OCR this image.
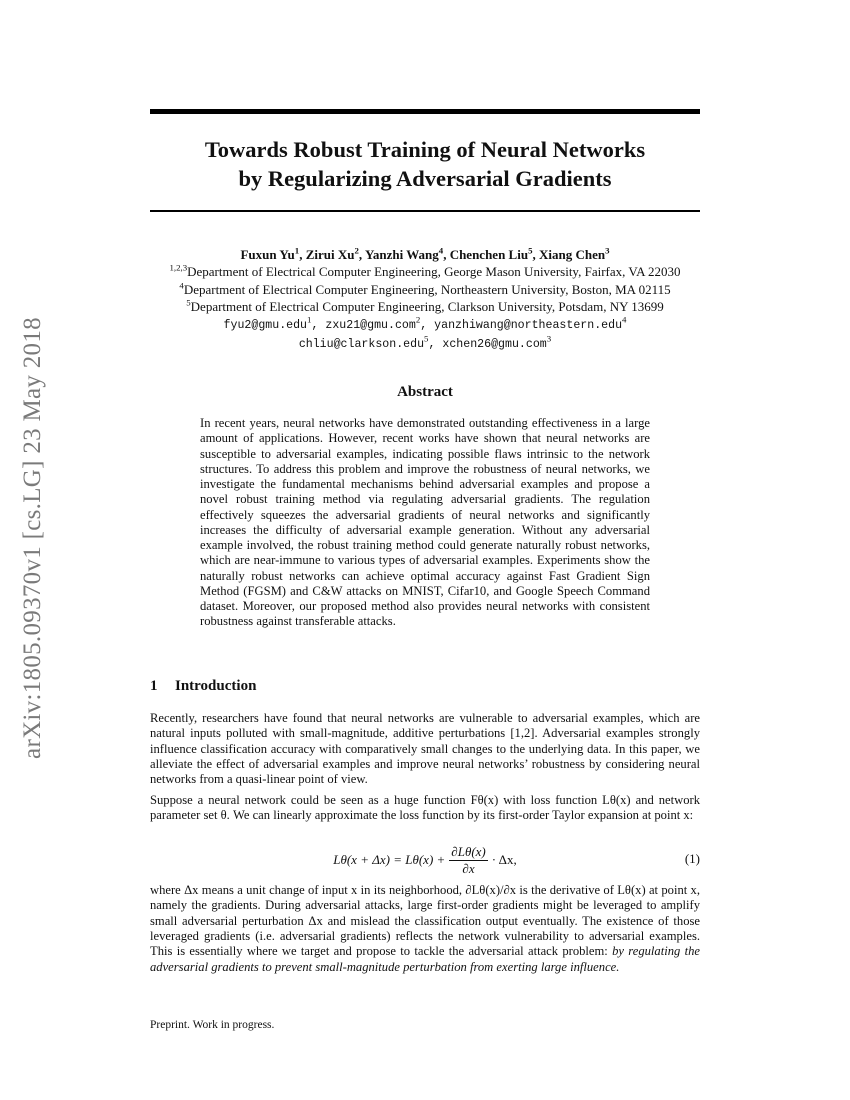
arXiv:1805.09370v1 [cs.LG] 23 May 2018
Towards Robust Training of Neural Networks
by Regularizing Adversarial Gradients
Fuxun Yu$^1$, Zirui Xu$^2$, Yanzhi Wang$^4$, Chenchen Liu$^5$, Xiang Chen$^3$
$^{1,2,3}$Department of Electrical Computer Engineering, George Mason University, Fairfax, VA 22030
$^4$Department of Electrical Computer Engineering, Northeastern University, Boston, MA 02115
$^5$Department of Electrical Computer Engineering, Clarkson University, Potsdam, NY 13699
fyu2@gmu.edu$^1$, zxu21@gmu.com$^2$, yanzhiwang@northeastern.edu$^4$
chliu@clarkson.edu$^5$, xchen26@gmu.com$^3$
Abstract
In recent years, neural networks have demonstrated outstanding effectiveness in a large amount of applications. However, recent works have shown that neural networks are susceptible to adversarial examples, indicating possible flaws intrinsic to the network structures. To address this problem and improve the robustness of neural networks, we investigate the fundamental mechanisms behind adversarial examples and propose a novel robust training method via regulating adversarial gradients. The regulation effectively squeezes the adversarial gradients of neural networks and significantly increases the difficulty of adversarial example generation. Without any adversarial example involved, the robust training method could generate naturally robust networks, which are near-immune to various types of adversarial examples. Experiments show the naturally robust networks can achieve optimal accuracy against Fast Gradient Sign Method (FGSM) and C&W attacks on MNIST, Cifar10, and Google Speech Command dataset. Moreover, our proposed method also provides neural networks with consistent robustness against transferable attacks.
1 Introduction
Recently, researchers have found that neural networks are vulnerable to adversarial examples, which are natural inputs polluted with small-magnitude, additive perturbations [1,2]. Adversarial examples strongly influence classification accuracy with comparatively small changes to the underlying data. In this paper, we alleviate the effect of adversarial examples and improve neural networks’ robustness by considering neural networks from a quasi-linear point of view.
Suppose a neural network could be seen as a huge function Fθ(x) with loss function Lθ(x) and network parameter set θ. We can linearly approximate the loss function by its first-order Taylor expansion at point x:
$L\theta(x + \Delta x) = L\theta(x) + \frac{\partial L\theta(x)}{\partial x} \cdot \Delta x$,	(1)
where Δx means a unit change of input x in its neighborhood, ∂Lθ(x)/∂x is the derivative of Lθ(x) at point x, namely the gradients. During adversarial attacks, large first-order gradients might be leveraged to amplify small adversarial perturbation Δx and mislead the classification output eventually. The existence of those leveraged gradients (i.e. adversarial gradients) reflects the network vulnerability to adversarial examples. This is essentially where we target and propose to tackle the adversarial attack problem: by regulating the adversarial gradients to prevent small-magnitude perturbation from exerting large influence.
Preprint. Work in progress.
